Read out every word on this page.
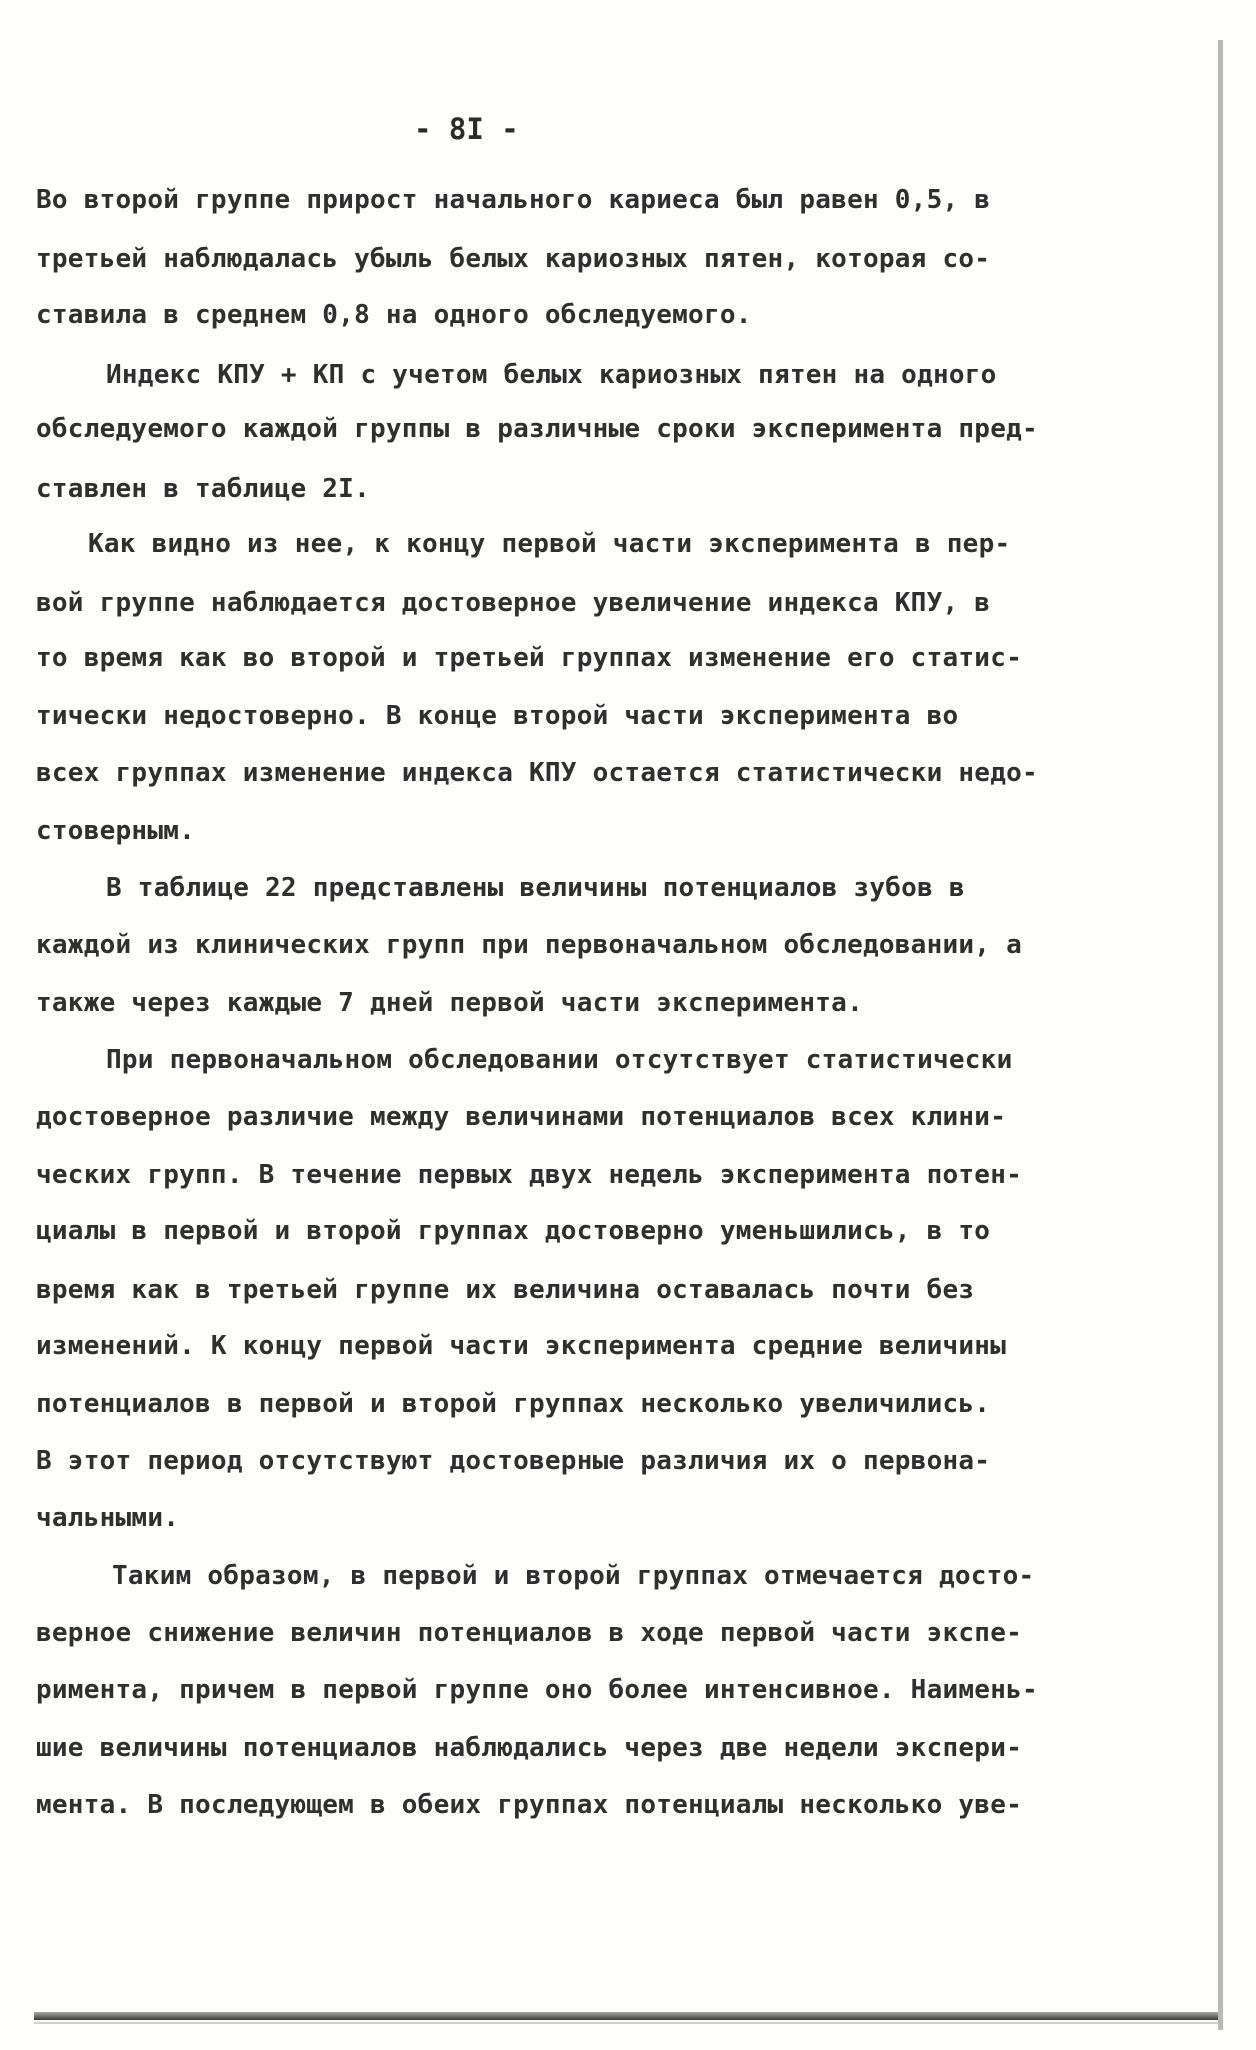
- 8I -
Во второй группе прирост начального кариеса был равен 0,5, в
третьей наблюдалась убыль белых кариозных пятен, которая со-
ставила в среднем 0,8 на одного обследуемого.
Индекс КПУ + КП с учетом белых кариозных пятен на одного
обследуемого каждой группы в различные сроки эксперимента пред-
ставлен в таблице 2I.
Как видно из нее, к концу первой части эксперимента в пер-
вой группе наблюдается достоверное увеличение индекса КПУ, в
то время как во второй и третьей группах изменение его статис-
тически недостоверно. В конце второй части эксперимента во
всех группах изменение индекса КПУ остается статистически недо-
стоверным.
В таблице 22 представлены величины потенциалов зубов в
каждой из клинических групп при первоначальном обследовании, а
также через каждые 7 дней первой части эксперимента.
При первоначальном обследовании отсутствует статистически
достоверное различие между величинами потенциалов всех клини-
ческих групп. В течение первых двух недель эксперимента потен-
циалы в первой и второй группах достоверно уменьшились, в то
время как в третьей группе их величина оставалась почти без
изменений. К концу первой части эксперимента средние величины
потенциалов в первой и второй группах несколько увеличились.
В этот период отсутствуют достоверные различия их о первона-
чальными.
Таким образом, в первой и второй группах отмечается досто-
верное снижение величин потенциалов в ходе первой части экспе-
римента, причем в первой группе оно более интенсивное. Наимень-
шие величины потенциалов наблюдались через две недели экспери-
мента. В последующем в обеих группах потенциалы несколько уве-
